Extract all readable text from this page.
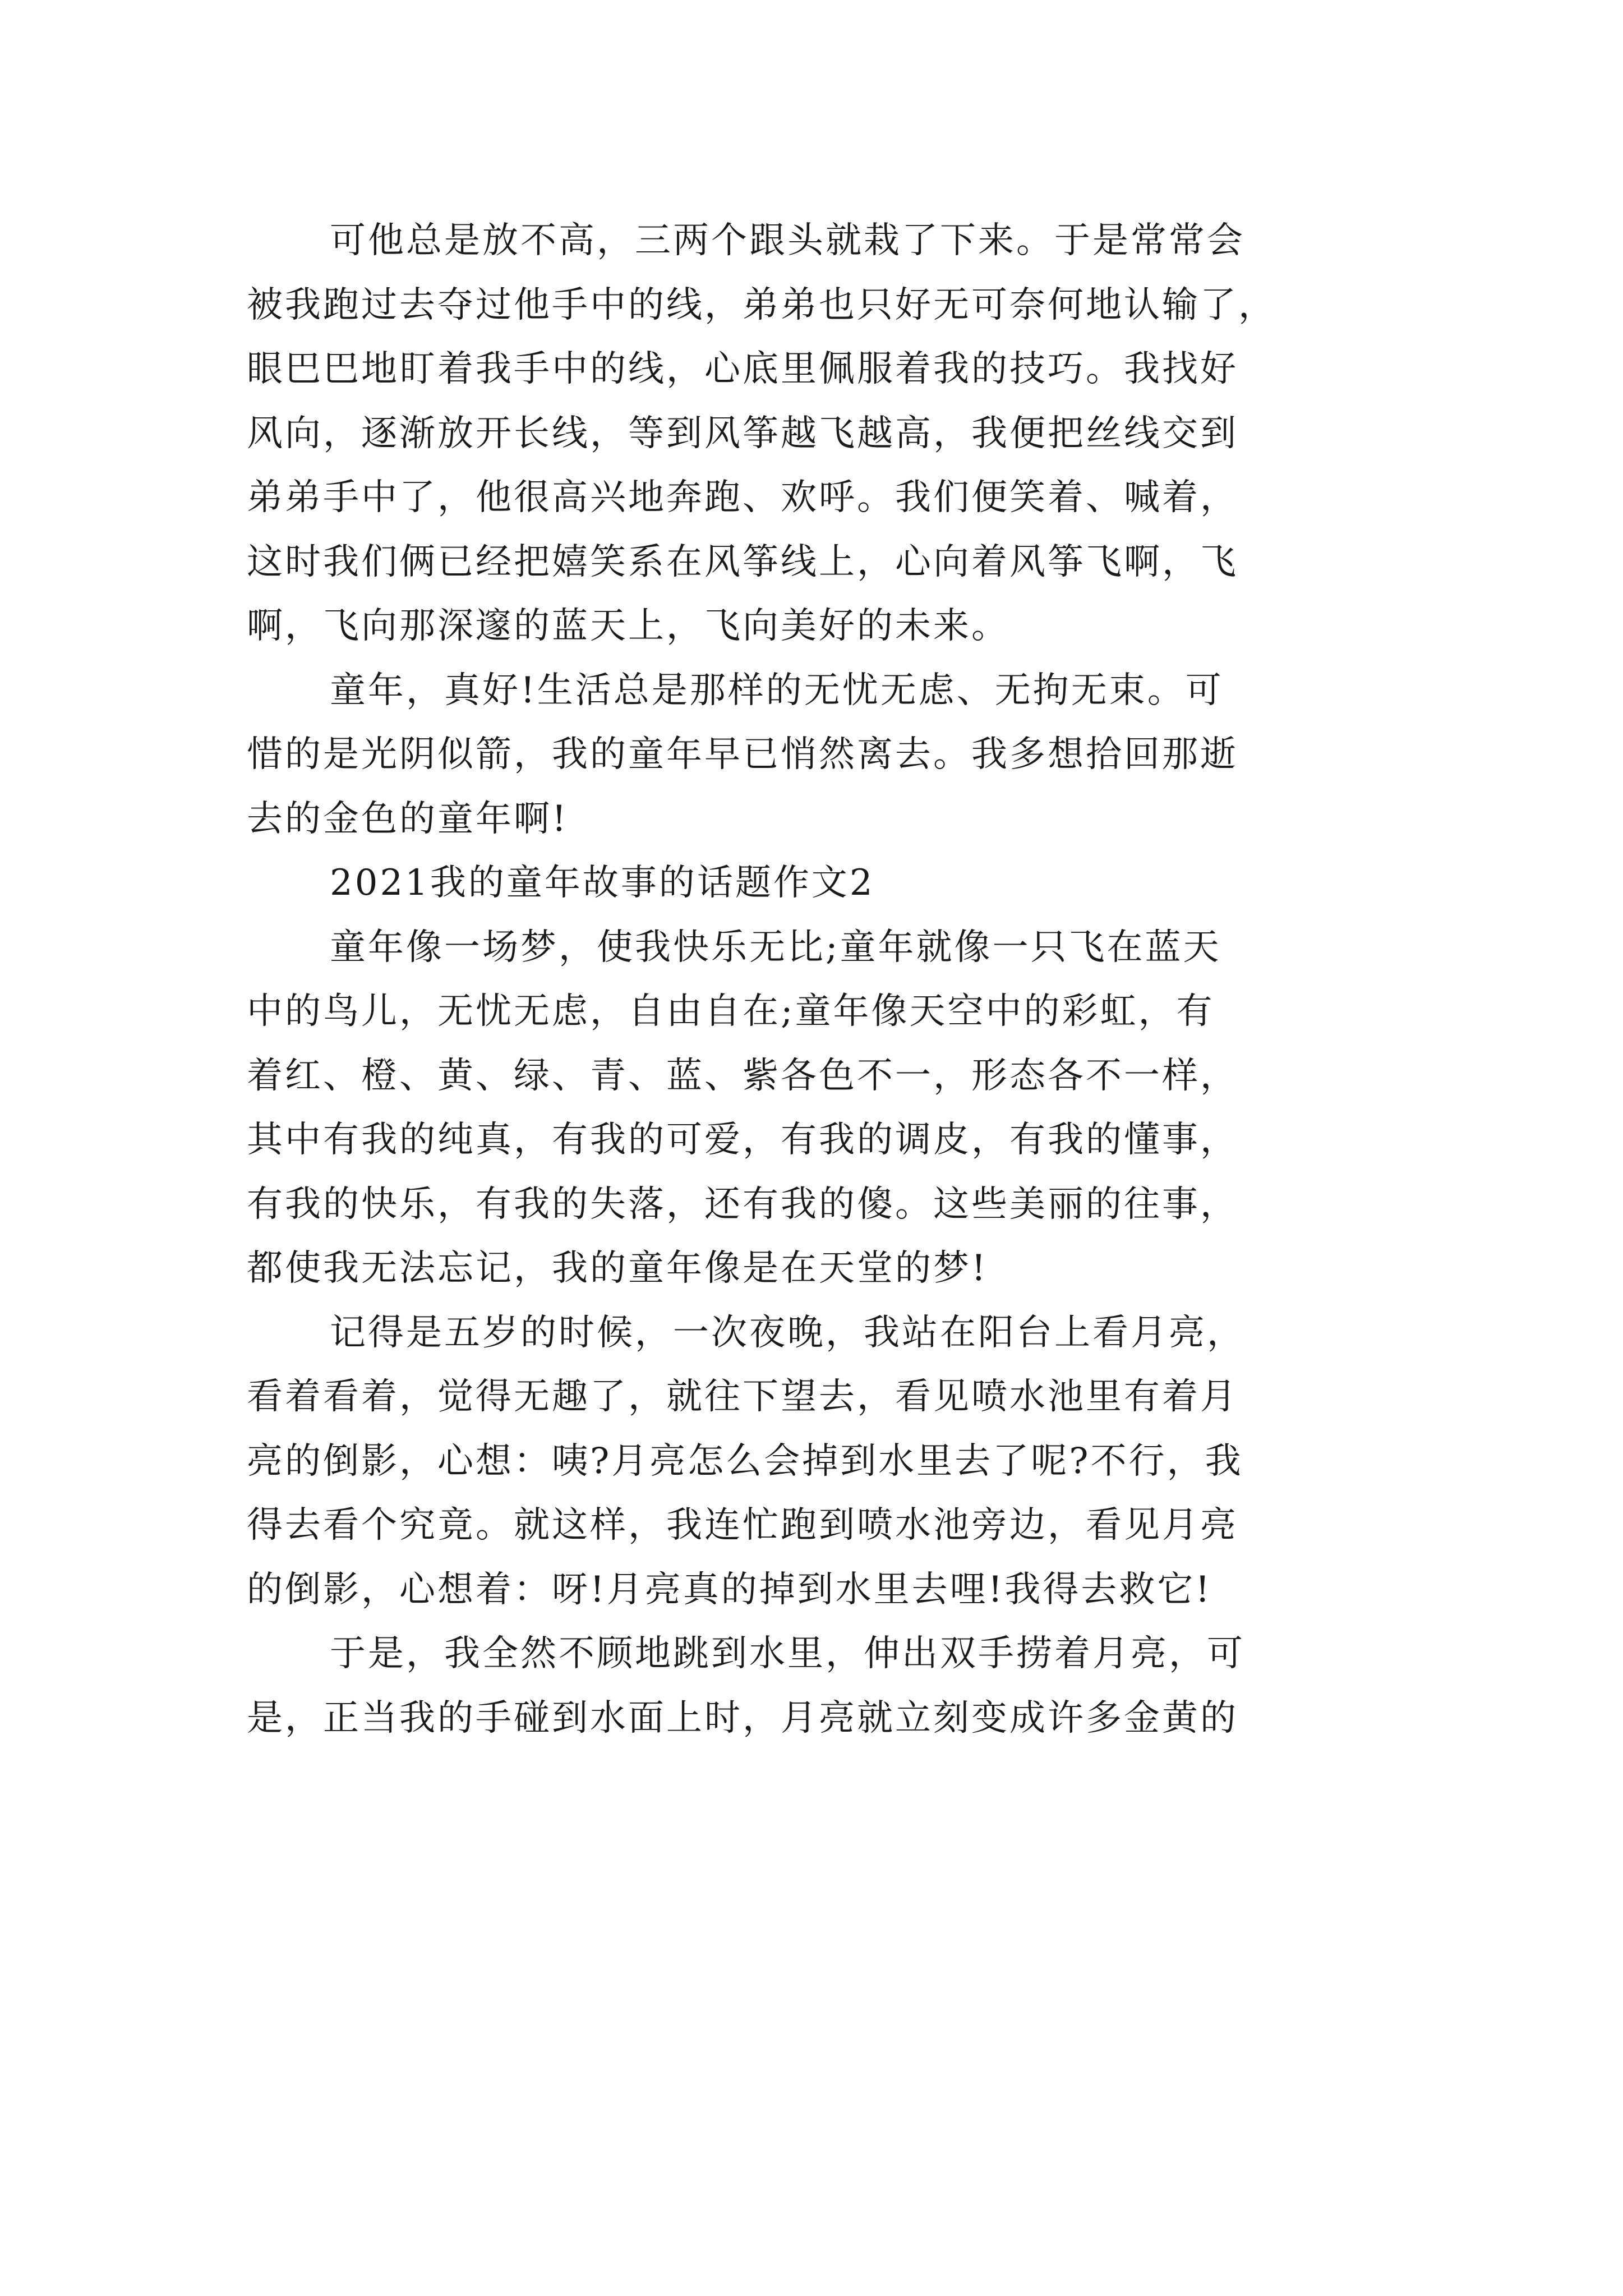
可他总是放不高，三两个跟头就栽了下来。于是常常会
被我跑过去夺过他手中的线，弟弟也只好无可奈何地认输了，
眼巴巴地盯着我手中的线，心底里佩服着我的技巧。我找好
风向，逐渐放开长线，等到风筝越飞越高，我便把丝线交到
弟弟手中了，他很高兴地奔跑、欢呼。我们便笑着、喊着，
这时我们俩已经把嬉笑系在风筝线上，心向着风筝飞啊，飞
啊，飞向那深邃的蓝天上，飞向美好的未来。
童年，真好!生活总是那样的无忧无虑、无拘无束。可
惜的是光阴似箭，我的童年早已悄然离去。我多想拾回那逝
去的金色的童年啊!
2021我的童年故事的话题作文2
童年像一场梦，使我快乐无比;童年就像一只飞在蓝天
中的鸟儿，无忧无虑，自由自在;童年像天空中的彩虹，有
着红、橙、黄、绿、青、蓝、紫各色不一，形态各不一样，
其中有我的纯真，有我的可爱，有我的调皮，有我的懂事，
有我的快乐，有我的失落，还有我的傻。这些美丽的往事，
都使我无法忘记，我的童年像是在天堂的梦!
记得是五岁的时候，一次夜晚，我站在阳台上看月亮，
看着看着，觉得无趣了，就往下望去，看见喷水池里有着月
亮的倒影，心想：咦?月亮怎么会掉到水里去了呢?不行，我
得去看个究竟。就这样，我连忙跑到喷水池旁边，看见月亮
的倒影，心想着：呀!月亮真的掉到水里去哩!我得去救它!
于是，我全然不顾地跳到水里，伸出双手捞着月亮，可
是，正当我的手碰到水面上时，月亮就立刻变成许多金黄的
